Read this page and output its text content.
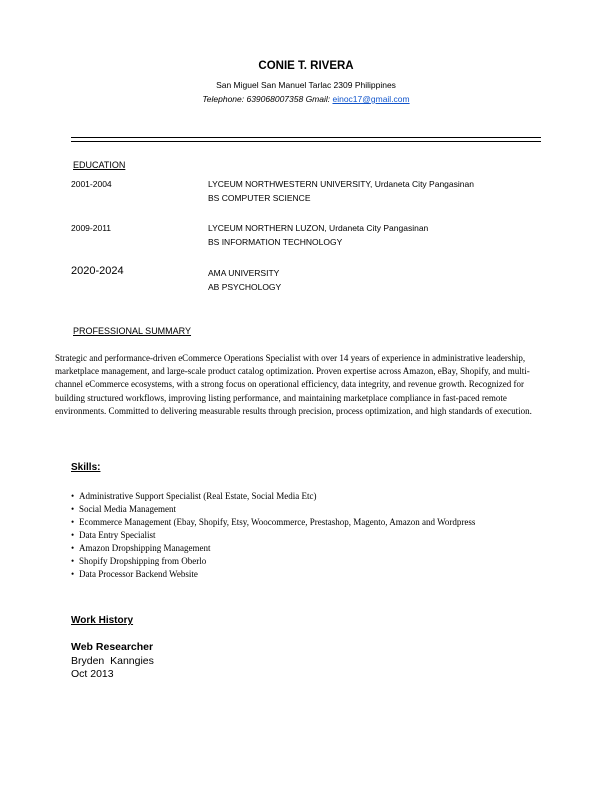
CONIE T. RIVERA
San Miguel San Manuel Tarlac 2309 Philippines
Telephone: 639068007358 Gmail: einoc17@gmail.com
EDUCATION
2001-2004	LYCEUM NORTHWESTERN UNIVERSITY, Urdaneta City Pangasinan
BS COMPUTER SCIENCE
2009-2011	LYCEUM NORTHERN LUZON, Urdaneta City Pangasinan
BS INFORMATION TECHNOLOGY
2020-2024	AMA UNIVERSITY
AB PSYCHOLOGY
PROFESSIONAL SUMMARY
Strategic and performance-driven eCommerce Operations Specialist with over 14 years of experience in administrative leadership, marketplace management, and large-scale product catalog optimization. Proven expertise across Amazon, eBay, Shopify, and multi-channel eCommerce ecosystems, with a strong focus on operational efficiency, data integrity, and revenue growth. Recognized for building structured workflows, improving listing performance, and maintaining marketplace compliance in fast-paced remote environments. Committed to delivering measurable results through precision, process optimization, and high standards of execution.
Skills:
• Administrative Support Specialist (Real Estate, Social Media Etc)
• Social Media Management
• Ecommerce Management (Ebay, Shopify, Etsy, Woocommerce, Prestashop, Magento, Amazon and Wordpress
• Data Entry Specialist
• Amazon Dropshipping Management
• Shopify Dropshipping from Oberlo
• Data Processor Backend Website
Work History
Web Researcher
Bryden  Kanngies
Oct 2013
